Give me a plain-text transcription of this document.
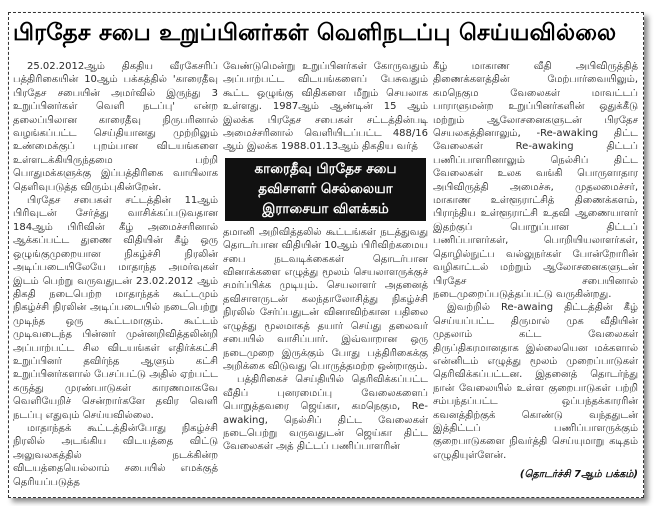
பிரதேச சபை உறுப்பினர்கள் வெளிநடப்பு செய்யவில்லை

25.02.2012ஆம் திகதிய வீரகேசரிப் பத்திரிகையின் 10ஆம் பக்கத்தில் 'காரைதீவு பிரதேச சபையின் அமர்வில் இருந்து 3 உறுப்பினர்கள் வெளி நடப்பு' என்ற தலைப்பிலான காரைதீவு நிருபரினால் வழங்கப்பட்ட செய்தியானது முற்றிலும் உண்மைக்குப் புறம்பான விடயங்களை உள்ளடக்கியிருந்தமை பற்றி பொதுமக்களுக்கு இப்பத்திரிகை வாயிலாக தெளிவுபடுத்த விரும்புகின்றேன்.

பிரதேச சபைகள் சட்டத்தின் 11ஆம் பிரிவுடன் சேர்த்து வாசிக்கப்படுவதான 184ஆம் பிரிவின் கீழ் அமைச்சரினால் ஆக்கப்பட்ட துணை விதியின் கீழ் ஒரு ஒழுங்குமுறையான நிகழ்ச்சி நிரலின் அடிப்படையிலேயே மாதாந்த அமர்வுகள் இடம் பெற்று வருவதுடன் 23.02.2012 ஆம் திகதி நடைபெற்ற மாதாந்தக் கூட்டமும் நிகழ்ச்சி நிரலின் அடிப்படையில் நடைபெற்று முடிந்த ஒரு கூட்டமாகும். கூட்டம் முடிவடைந்த பின்னர் முன்னறிவித்தலின்றி அப்பாற்பட்ட சில விடயங்கள் எதிர்க்கட்சி உறுப்பினர் தவிர்ந்த ஆளும் கட்சி உறுப்பினர்களால் பேசப்பட்டு அதில் ஏற்பட்ட கருத்து முரண்பாடுகள் காரணமாகவே வெளியேறிச் சென்றார்களே தவிர வெளி நடப்பு எதுவும் செய்யவில்லை.

மாதாந்தக் கூட்டத்தின்போது நிகழ்ச்சி நிரலில் அடங்கிய விடயத்தை விட்டு அலுவலகத்தில் நடக்கின்ற விடயத்தையெல்லாம் சபையில் எமக்குத் தெரியப்படுத்த

வேண்டுமென்று உறுப்பினர்கள் கோருவதும் அப்பாற்பட்ட விடயங்களைப் பேசுவதும் கூட்ட ஒழுங்கு விதிகளை மீறும் செயலாக உள்ளது. 1987ஆம் ஆண்டின் 15 ஆம் இலக்க பிரதேச சபைகள் சட்டத்தின்படி அமைச்சரினால் வெளியிடப்பட்ட 488/16 ஆம் இலக்க 1988.01.13ஆம் திகதிய வர்த்

காரைதீவு பிரதேச சபை
தவிசாளர் செல்லையா
இராசையா விளக்கம்

தமானி அறிவித்தலில் கூட்டங்கள் நடத்துவது தொடர்பான விதியின் 10ஆம் பிரிவிற்கமைய சபை நடவடிக்கைகள் தொடர்பான வினாக்களை எழுத்து மூலம் செயலாளருக்குச் சமர்ப்பிக்க முடியும். செயலாளர் அதனைத் தவிசாளருடன் கலந்தாலோசித்து நிகழ்ச்சி நிரலில் சேர்ப்பதுடன் வினாவிற்கான பதிலை எழுத்து மூலமாகத் தயார் செய்து தலைவர் சபையில் வாசிப்பார். இவ்வாறான ஒரு நடைமுறை இருக்கும் போது பத்திரிகைக்கு அறிக்கை விடுவது பொருத்தமற்ற ஒன்றாகும்.

பத்திரிகைச் செய்தியில் தெரிவிக்கப்பட்ட வீதிப் புனரமைப்பு வேலைகளைப் பொறுத்தவரை ஜெய்கா, கமநெகும, Re-awaking, நெல்சிப் திட்ட வேலைகள் நடைபெற்று வருவதுடன் ஜெய்கா திட்ட வேலைகள் அத் திட்டப் பணிப்பாளரின்

கீழ் மாகாண வீதி அபிவிருத்தித் திணைக்களத்தின் மேற்பார்வையிலும், கமநெகும வேலைகள் மாவட்டப் பாராளுமன்ற உறுப்பினர்களின் ஒதுக்கீடு மற்றும் ஆலோசனைகளுடன் பிரதேச செயலகத்தினாலும், -Re-awaking திட்ட வேலைகள் Re-awaking திட்டப் பணிப்பாளரினாலும் நெல்சிப் திட்ட வேலைகள் உலக வங்கி பொருளாதார அபிவிருத்தி அமைச்சு, முதலமைச்சர், மாகாண உள்ளூராட்சித் திணைக்களம், பிராந்திய உள்ளூராட்சி உதவி ஆணையாளர் இதற்குப் பொறுப்பான திட்டப் பணிப்பாளர்கள், பொறியியலாளர்கள், தொழில்நுட்ப வல்லுநர்கள் போன்றோரின் வழிகாட்டல் மற்றும் ஆலோசனைகளுடன் பிரதேச சபையினால் நடைமுறைப்படுத்தப்பட்டு வருகின்றது.

இவற்றில் Re-awaing திட்டத்தின் கீழ் செய்யப்பட்ட திருமால் முக வீதியின் முதலாம் கட்ட வேலைகள் திருப்திகரமானதாக இல்லையென மக்களால் என்னிடம் எழுத்து மூலம் முறைப்பாடுகள் தெரிவிக்கப்பட்டன. இதனைத் தொடர்ந்து நான் வேலையில் உள்ள குறைபாடுகள் பற்றி சம்பந்தப்பட்ட ஒப்பந்தக்காரரின் கவனத்திற்குக் கொண்டு வந்ததுடன் இத்திட்டப் பணிப்பாளருக்கும் குறைபாடுகளை நிவர்த்தி செய்யுமாறு கடிதம் எழுதியுள்ளேன்.

(தொடர்ச்சி 7ஆம் பக்கம்)
